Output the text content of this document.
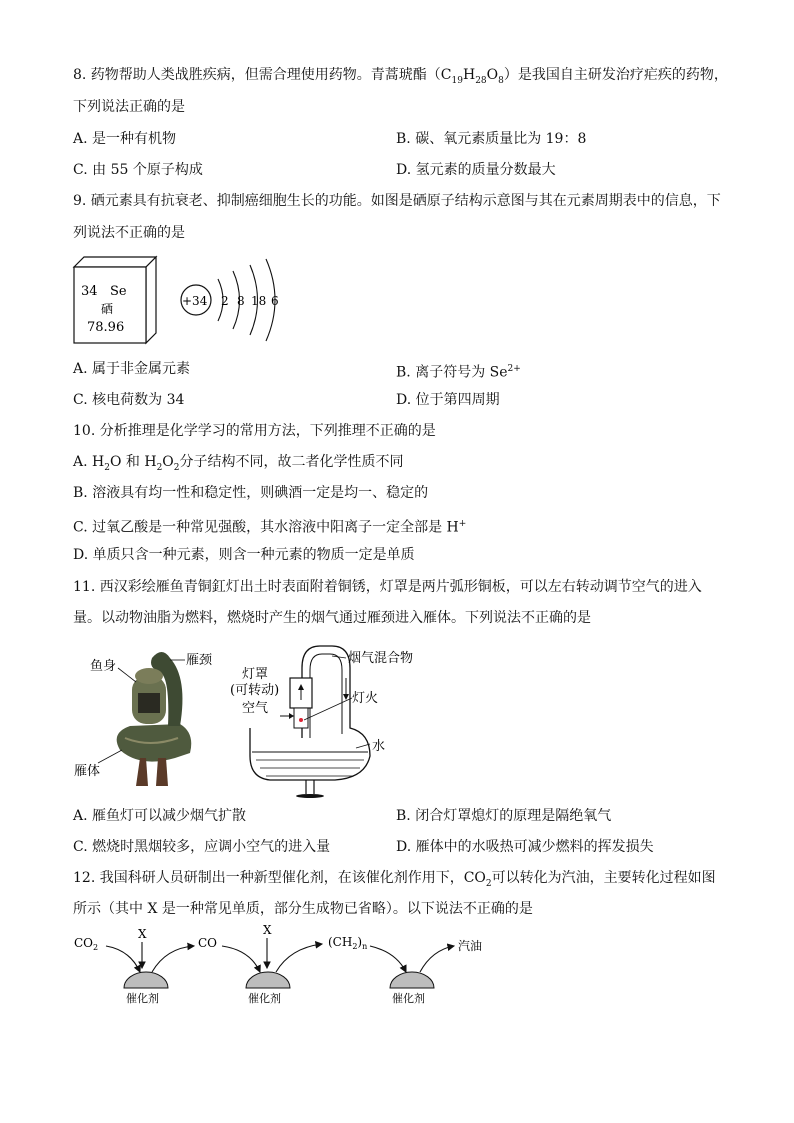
8. 药物帮助人类战胜疾病，但需合理使用药物。青蒿琥酯$(C_{19}H_{28}O_8)$是我国自主研发治疗疟疾的药物，
下列说法正确的是
A. 是一种有机物	B. 碳、氧元素质量比为 19：8
C. 由 55 个原子构成	D. 氢元素的质量分数最大
9. 硒元素具有抗衰老、抑制癌细胞生长的功能。如图是硒原子结构示意图与其在元素周期表中的信息，下
列说法不正确的是
34 Se
硒
78.96
+34 2 8 18 6
A. 属于非金属元素	B. 离子符号为 $Se^{2+}$
C. 核电荷数为 34	D. 位于第四周期
10. 分析推理是化学学习的常用方法，下列推理不正确的是
A. $H_2O$ 和 $H_2O_2$分子结构不同，故二者化学性质不同
B. 溶液具有均一性和稳定性，则碘酒一定是均一、稳定的
C. 过氧乙酸是一种常见强酸，其水溶液中阳离子一定全部是 H+
D. 单质只含一种元素，则含一种元素的物质一定是单质
11. 西汉彩绘雁鱼青铜釭灯出土时表面附着铜锈，灯罩是两片弧形铜板，可以左右转动调节空气的进入
量。以动物油脂为燃料，燃烧时产生的烟气通过雁颈进入雁体。下列说法不正确的是
鱼身	雁颈
雁体
灯罩
(可转动)
空气
烟气混合物
灯火
水
A. 雁鱼灯可以减少烟气扩散	B. 闭合灯罩熄灯的原理是隔绝氧气
C. 燃烧时黑烟较多，应调小空气的进入量	D. 雁体中的水吸热可减少燃料的挥发损失
12. 我国科研人员研制出一种新型催化剂，在该催化剂作用下，$CO_2$可以转化为汽油，主要转化过程如图
所示（其中 X 是一种常见单质，部分生成物已省略）。以下说法不正确的是
$CO_2$
X
催化剂
CO
X
催化剂
$(CH_2)_n$
催化剂
汽油
